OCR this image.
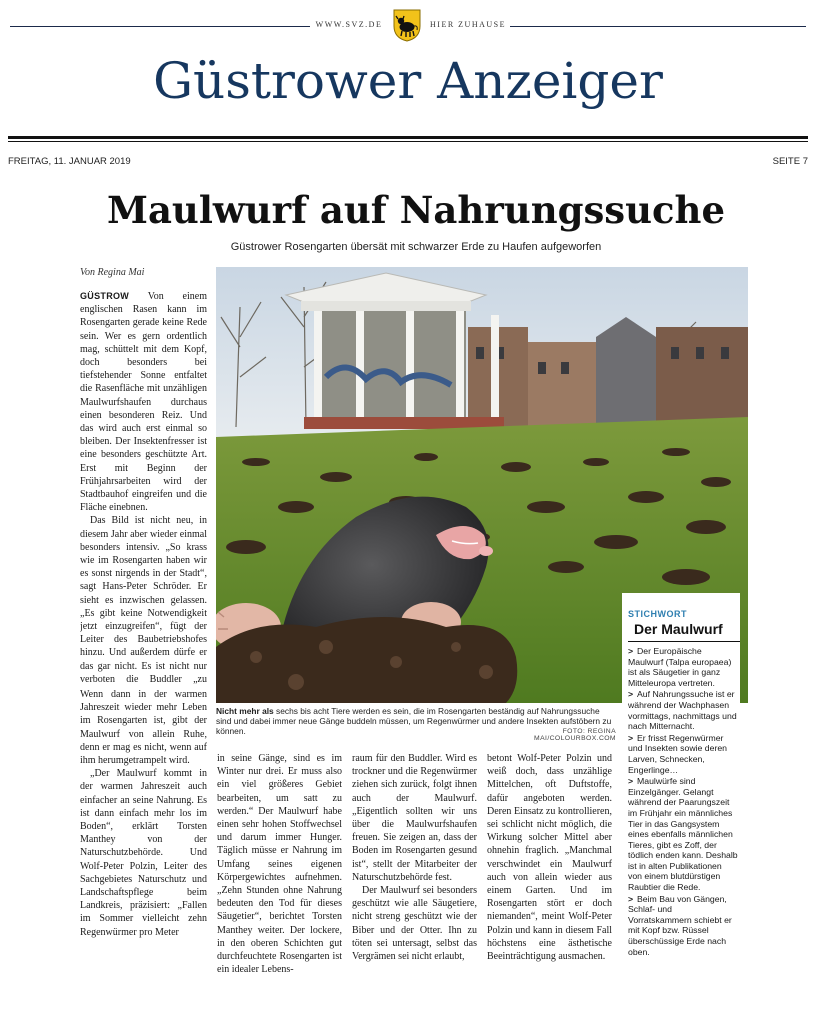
WWW.SVZ.DE	HIER ZUHAUSE
Güstrower Anzeiger
FREITAG, 11. JANUAR 2019	SEITE 7
Maulwurf auf Nahrungssuche
Güstrower Rosengarten übersät mit schwarzer Erde zu Haufen aufgeworfen
Von Regina Mai

GÜSTROW Von einem englischen Rasen kann im Rosengarten gerade keine Rede sein. Wer es gern ordentlich mag, schüttelt mit dem Kopf, doch besonders bei tiefstehender Sonne entfaltet die Rasenfläche mit unzähligen Maulwurfshaufen durchaus einen besonderen Reiz. Und das wird auch erst einmal so bleiben. Der Insektenfresser ist eine besonders geschützte Art. Erst mit Beginn der Frühjahrsarbeiten wird der Stadtbauhof eingreifen und die Fläche einebnen.

Das Bild ist nicht neu, in diesem Jahr aber wieder einmal besonders intensiv. „So krass wie im Rosengarten haben wir es sonst nirgends in der Stadt“, sagt Hans-Peter Schröder. Er sieht es inzwischen gelassen. „Es gibt keine Notwendigkeit jetzt einzugreifen“, fügt der Leiter des Baubetriebshofes hinzu. Und außerdem dürfe er das gar nicht. Es ist nicht nur verboten die Buddler „zu

Wenn dann in der warmen Jahreszeit wieder mehr Leben im Rosengarten ist, gibt der Maulwurf von allein Ruhe, denn er mag es nicht, wenn auf ihm herumgetrampelt wird.

„Der Maulwurf kommt in der warmen Jahreszeit auch einfacher an seine Nahrung. Es ist dann einfach mehr los im Boden“, erklärt Torsten Manthey von der Naturschutzbehörde. Und Wolf-Peter Polzin, Leiter des Sachgebietes Naturschutz und Landschaftspflege beim Landkreis, präzisiert: „Fallen im Sommer vielleicht zehn Regenwürmer pro Meter

Nicht mehr als sechs bis acht Tiere werden es sein, die im Rosengarten beständig auf Nahrungssuche sind und dabei immer neue Gänge buddeln müssen, um Regenwürmer und andere Insekten aufstöbern zu können.	FOTO: REGINA MAI/COLOURBOX.COM

in seine Gänge, sind es im Winter nur drei. Er muss also ein viel größeres Gebiet bearbeiten, um satt zu werden.“ Der Maulwurf habe einen sehr hohen Stoffwechsel und darum immer Hunger. Täglich müsse er Nahrung im Umfang seines eigenen Körpergewichtes aufnehmen. „Zehn Stunden ohne Nahrung bedeuten den Tod für dieses Säugetier“, berichtet Torsten Manthey weiter. Der lockere, in den oberen Schichten gut durchfeuchtete Rosengarten ist ein idealer Lebens-

raum für den Buddler. Wird es trockner und die Regenwürmer ziehen sich zurück, folgt ihnen auch der Maulwurf. „Eigentlich sollten wir uns über die Maulwurfshaufen freuen. Sie zeigen an, dass der Boden im Rosengarten gesund ist“, stellt der Mitarbeiter der Naturschutzbehörde fest.

Der Maulwurf sei besonders geschützt wie alle Säugetiere, nicht streng geschützt wie der Biber und der Otter. Ihn zu töten sei untersagt, selbst das Vergrämen sei nicht erlaubt,

betont Wolf-Peter Polzin und weiß doch, dass unzählige Mittelchen, oft Duftstoffe, dafür angeboten werden. Deren Einsatz zu kontrollieren, sei schlicht nicht möglich, die Wirkung solcher Mittel aber ohnehin fraglich. „Manchmal verschwindet ein Maulwurf auch von allein wieder aus einem Garten. Und im Rosengarten stört er doch niemanden“, meint Wolf-Peter Polzin und kann in diesem Fall höchstens eine ästhetische Beeinträchtigung ausmachen.

STICHWORT
Der Maulwurf
> Der Europäische Maulwurf (Talpa europaea) ist als Säugetier in ganz Mitteleuropa vertreten.
> Auf Nahrungssuche ist er während der Wachphasen vormittags, nachmittags und nach Mitternacht.
> Er frisst Regenwürmer und Insekten sowie deren Larven, Schnecken, Engerlinge…
> Maulwürfe sind Einzelgänger. Gelangt während der Paarungszeit im Frühjahr ein männliches Tier in das Gangsystem eines ebenfalls männlichen Tieres, gibt es Zoff, der tödlich enden kann. Deshalb ist in alten Publikationen von einem blutdürstigen Raubtier die Rede.
> Beim Bau von Gängen, Schlaf- und Vorratskammern schiebt er mit Kopf bzw. Rüssel überschüssige Erde nach oben.
